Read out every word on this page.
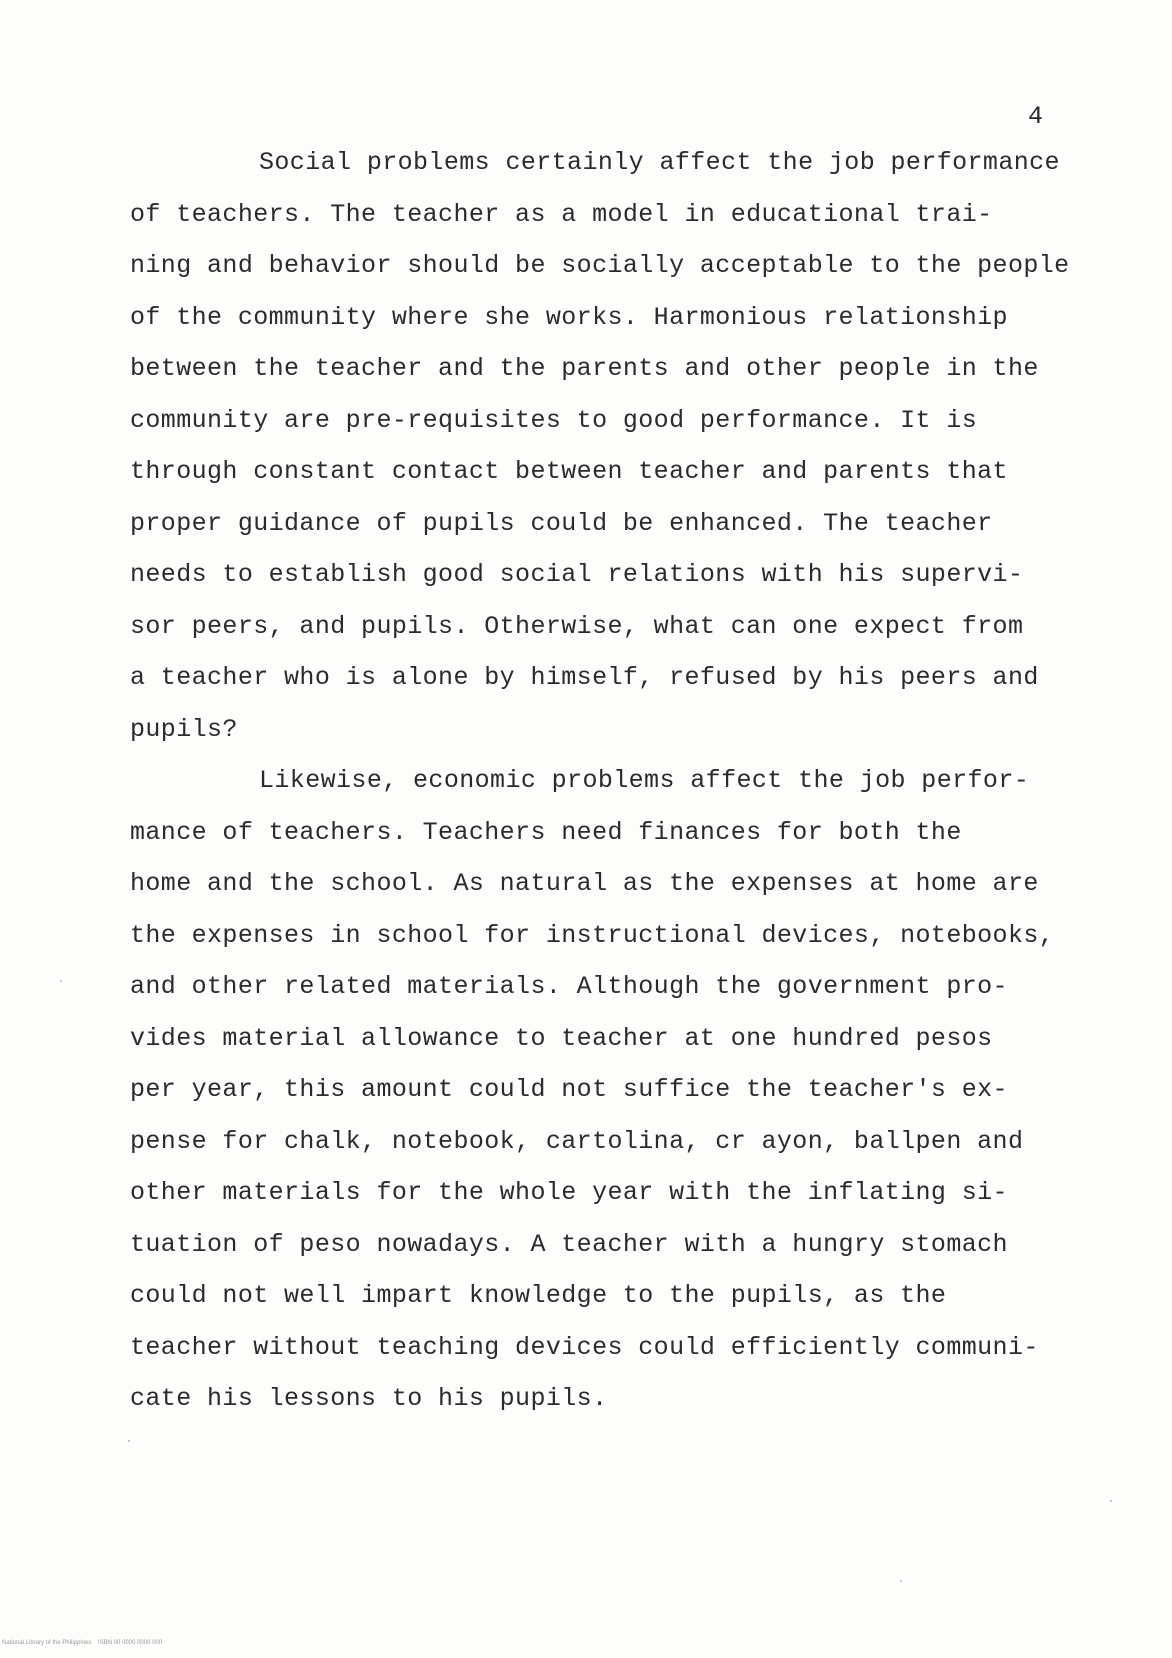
4
Social problems certainly affect the job performance
of teachers. The teacher as a model in educational trai-
ning and behavior should be socially acceptable to the people
of the community where she works. Harmonious relationship
between the teacher and the parents and other people in the
community are pre-requisites to good performance. It is
through constant contact between teacher and parents that
proper guidance of pupils could be enhanced. The teacher
needs to establish good social relations with his supervi-
sor peers, and pupils. Otherwise, what can one expect from
a teacher who is alone by himself, refused by his peers and
pupils?
Likewise, economic problems affect the job perfor-
mance of teachers. Teachers need finances for both the
home and the school. As natural as the expenses at home are
the expenses in school for instructional devices, notebooks,
and other related materials. Although the government pro-
vides material allowance to teacher at one hundred pesos
per year, this amount could not suffice the teacher's ex-
pense for chalk, notebook, cartolina, cr ayon, ballpen and
other materials for the whole year with the inflating si-
tuation of peso nowadays. A teacher with a hungry stomach
could not well impart knowledge to the pupils, as the
teacher without teaching devices could efficiently communi-
cate his lessons to his pupils.
National Library of the Philippines    ISBN 00 0000 0000 000
